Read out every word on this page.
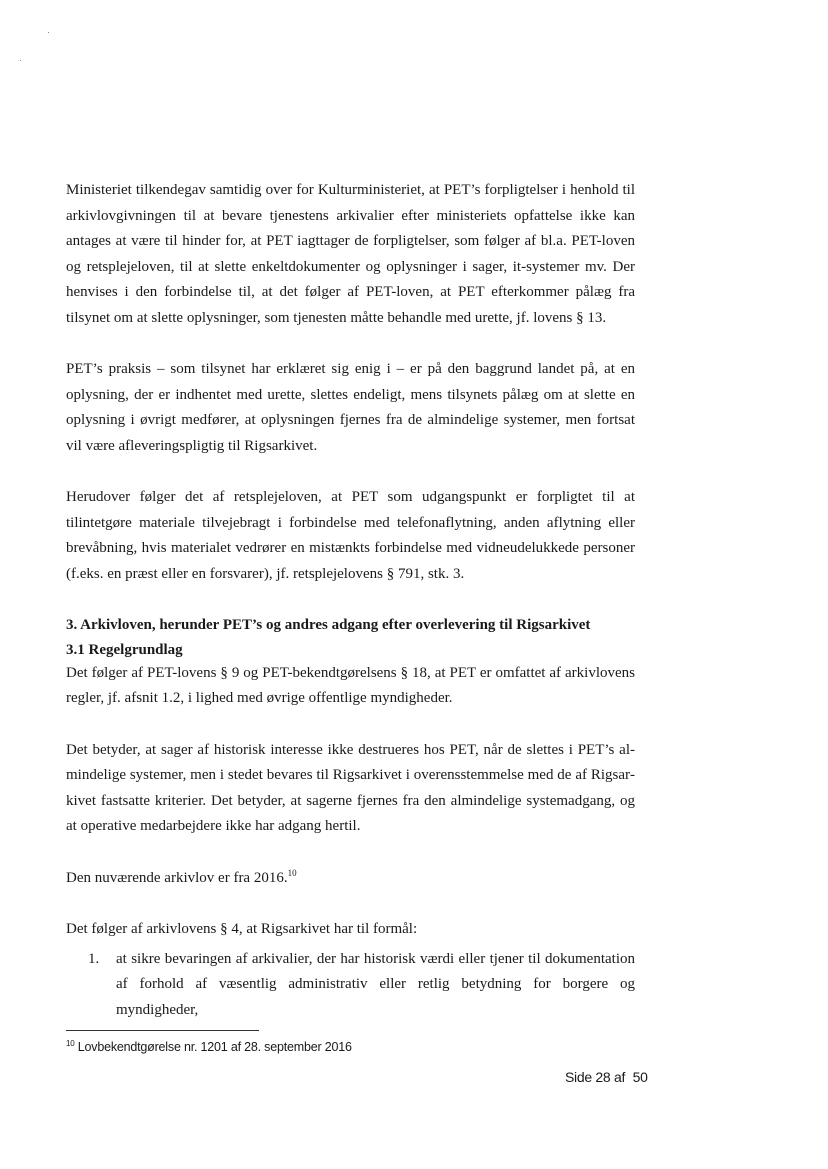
Ministeriet tilkendegav samtidig over for Kulturministeriet, at PET’s forpligtelser i henhold til arkivlovgivningen til at bevare tjenestens arkivalier efter ministeriets opfattelse ikke kan antages at være til hinder for, at PET iagttager de forpligtelser, som følger af bl.a. PET-loven og retsplejeloven, til at slette enkeltdokumenter og oplysninger i sager, it-systemer mv. Der henvises i den forbindelse til, at det følger af PET-loven, at PET efterkommer pålæg fra tilsynet om at slette oplysninger, som tjenesten måtte behandle med urette, jf. lovens § 13.

PET’s praksis – som tilsynet har erklæret sig enig i – er på den baggrund landet på, at en oplysning, der er indhentet med urette, slettes endeligt, mens tilsynets pålæg om at slette en oplysning i øvrigt medfører, at oplysningen fjernes fra de almindelige systemer, men fortsat vil være afleveringspligtig til Rigsarkivet.

Herudover følger det af retsplejeloven, at PET som udgangspunkt er forpligtet til at tilintetgøre materiale tilvejebragt i forbindelse med telefonaflytning, anden aflytning eller brevåbning, hvis materialet vedrører en mistænkts forbindelse med vidneudelukkede personer (f.eks. en præst eller en forsvarer), jf. retsplejelovens § 791, stk. 3.

3. Arkivloven, herunder PET’s og andres adgang efter overlevering til Rigsarkivet

3.1 Regelgrundlag

Det følger af PET-lovens § 9 og PET-bekendtgørelsens § 18, at PET er omfattet af arkivlovens regler, jf. afsnit 1.2, i lighed med øvrige offentlige myndigheder.

Det betyder, at sager af historisk interesse ikke destrueres hos PET, når de slettes i PET’s almindelige systemer, men i stedet bevares til Rigsarkivet i overensstemmelse med de af Rigsarkivet fastsatte kriterier. Det betyder, at sagerne fjernes fra den almindelige systemadgang, og at operative medarbejdere ikke har adgang hertil.

Den nuværende arkivlov er fra 2016.10

Det følger af arkivlovens § 4, at Rigsarkivet har til formål:

1. at sikre bevaringen af arkivalier, der har historisk værdi eller tjener til dokumentation af forhold af væsentlig administrativ eller retlig betydning for borgere og myndigheder,
$^{10}$ Lovbekendtgørelse nr. 1201 af 28. september 2016
Side 28 af 50
